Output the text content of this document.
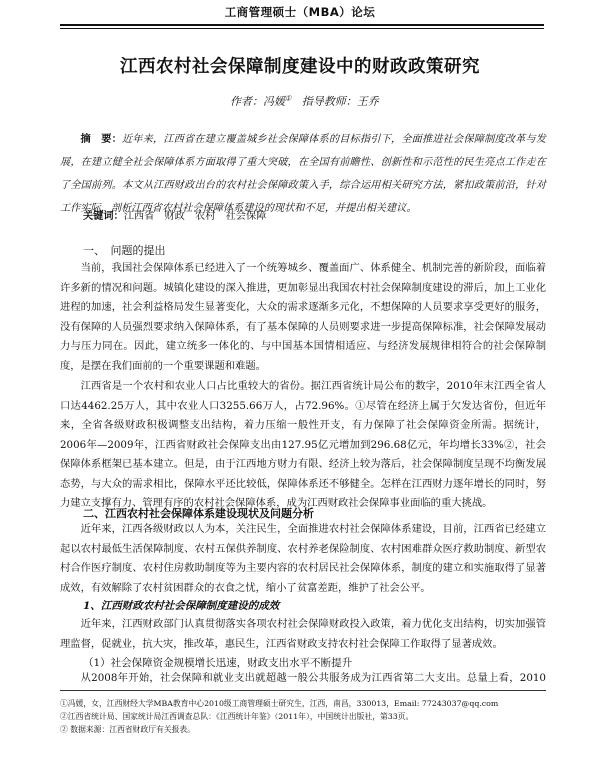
工商管理硕士（MBA）论坛
江西农村社会保障制度建设中的财政政策研究
作者：冯媛① 指导教师：王乔
摘　要：近年来，江西省在建立覆盖城乡社会保障体系的目标指引下，全面推进社会保障制度改革与发展，在建立健全社会保障体系方面取得了重大突破，在全国有前瞻性、创新性和示范性的民生亮点工作走在了全国前列。本文从江西财政出台的农村社会保障政策入手，综合运用相关研究方法，紧扣政策前沿，针对工作实际，剖析江西省农村社会保障体系建设的现状和不足，并提出相关建议。
关键词：江西省　财政　农村　社会保障
一、　问题的提出
当前，我国社会保障体系已经进入了一个统筹城乡、覆盖面广、体系健全、机制完善的新阶段，面临着许多新的情况和问题。城镇化建设的深入推进，更加彰显出我国农村社会保障制度建设的滞后，加上工业化进程的加速，社会利益格局发生显著变化，大众的需求逐渐多元化，不想保障的人员要求享受更好的服务，没有保障的人员强烈要求纳入保障体系，有了基本保障的人员则要求进一步提高保障标准，社会保障发展动力与压力同在。因此，建立统多一体化的、与中国基本国情相适应、与经济发展规律相符合的社会保障制度，是摆在我们面前的一个重要课题和难题。
江西省是一个农村和农业人口占比重较大的省份。据江西省统计局公布的数字，2010年末江西全省人口达4462.25万人，其中农业人口3255.66万人，占72.96%。①尽管在经济上属于欠发达省份，但近年来，全省各级财政积极调整支出结构，着力压缩一般性开支，有力保障了社会保障资金所需。据统计，2006年—2009年，江西省财政社会保障支出由127.95亿元增加到296.68亿元，年均增长33%②，社会保障体系框架已基本建立。但是，由于江西地方财力有限、经济上较为落后，社会保障制度呈现不均衡发展态势，与大众的需求相比，保障水平还比较低，保障体系还不够健全。怎样在江西财力逐年增长的同时，努力建立支撑有力、管理有序的农村社会保障体系，成为江西财政社会保障事业面临的重大挑战。
二、江西农村社会保障体系建设现状及问题分析
近年来，江西各级财政以人为本，关注民生，全面推进农村社会保障体系建设，目前，江西省已经建立起以农村最低生活保障制度、农村五保供养制度、农村养老保险制度、农村困难群众医疗救助制度、新型农村合作医疗制度、农村住房救助制度等为主要内容的农村居民社会保障体系，制度的建立和实施取得了显著成效，有效解除了农村贫困群众的衣食之忧，缩小了贫富差距，维护了社会公平。
1、江西财政农村社会保障制度建设的成效
近年来，江西财政部门认真贯彻落实各项农村社会保障财政投入政策，着力优化支出结构，切实加强管理监督，促就业，抗大灾，推改革，惠民生，江西省财政支持农村社会保障工作取得了显著成效。
（1）社会保障资金规模增长迅速，财政支出水平不断提升
从2008年开始，社会保障和就业支出就超越一般公共服务成为江西省第二大支出。总量上看，2010
①冯媛，女，江西财经大学MBA教育中心2010级工商管理硕士研究生，江西，南昌，330013，Email: 77243037@qq.com
②江西省统计局、国家统计局江西调查总队：《江西统计年鉴》（2011年），中国统计出版社，第33页。
② 数据来源：江西省财政厅有关报表。
